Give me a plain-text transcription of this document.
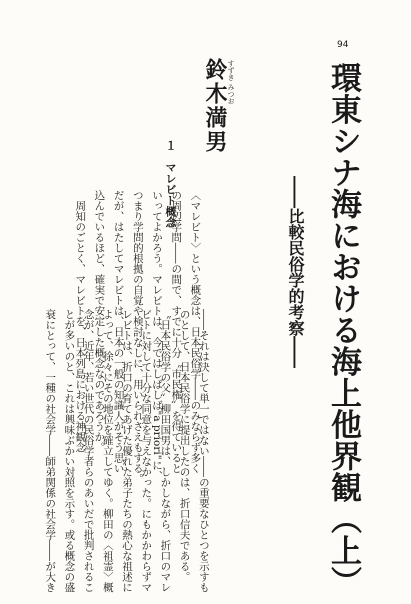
94
環東シナ海における海上他界観（上）
――比較民俗学的考察――
すずき みつお
鈴木満男
１　マレビト概念
〈マレビト〉という概念は、日本民俗学――のみならず多く
の周辺学問――の間で、すでに十分〝市民権〟を得ていると
いってよかろう。マレビトは、今ではしばしば"a priori"に、
つまり学問的根拠の自覚や検討なしに、用いられさえもする。
だが、はたしてマレビトは、日本の一般の知識人がそう思い
込んでいるほど、確実で安定した概念なのであろうか。
　周知のごとく、マレビトを、日本列島における神観念	――それは決して単一ではない――の重要なひとつを示すも
のとして、日本民俗学に提出したのは、折口信夫である。
〝日本民俗学の父〟柳田国男は、しかしながら、折口のマレ
ビトに対して十分な同意を与えなかった。にもかかわらずマ
レビトは、折口の育てあげた優れた弟子たちの熱心な祖述に
よって、徐々にその地位を確立してゆく。柳田の〈祖霊〉概
念が、近年、若い世代の民俗学者らのあいだで批判されるこ
とが多いのと、これは興味ぶかい対照を示す。或る概念の盛
衰にとって、一種の社会学――師弟関係の社会学――が大き
